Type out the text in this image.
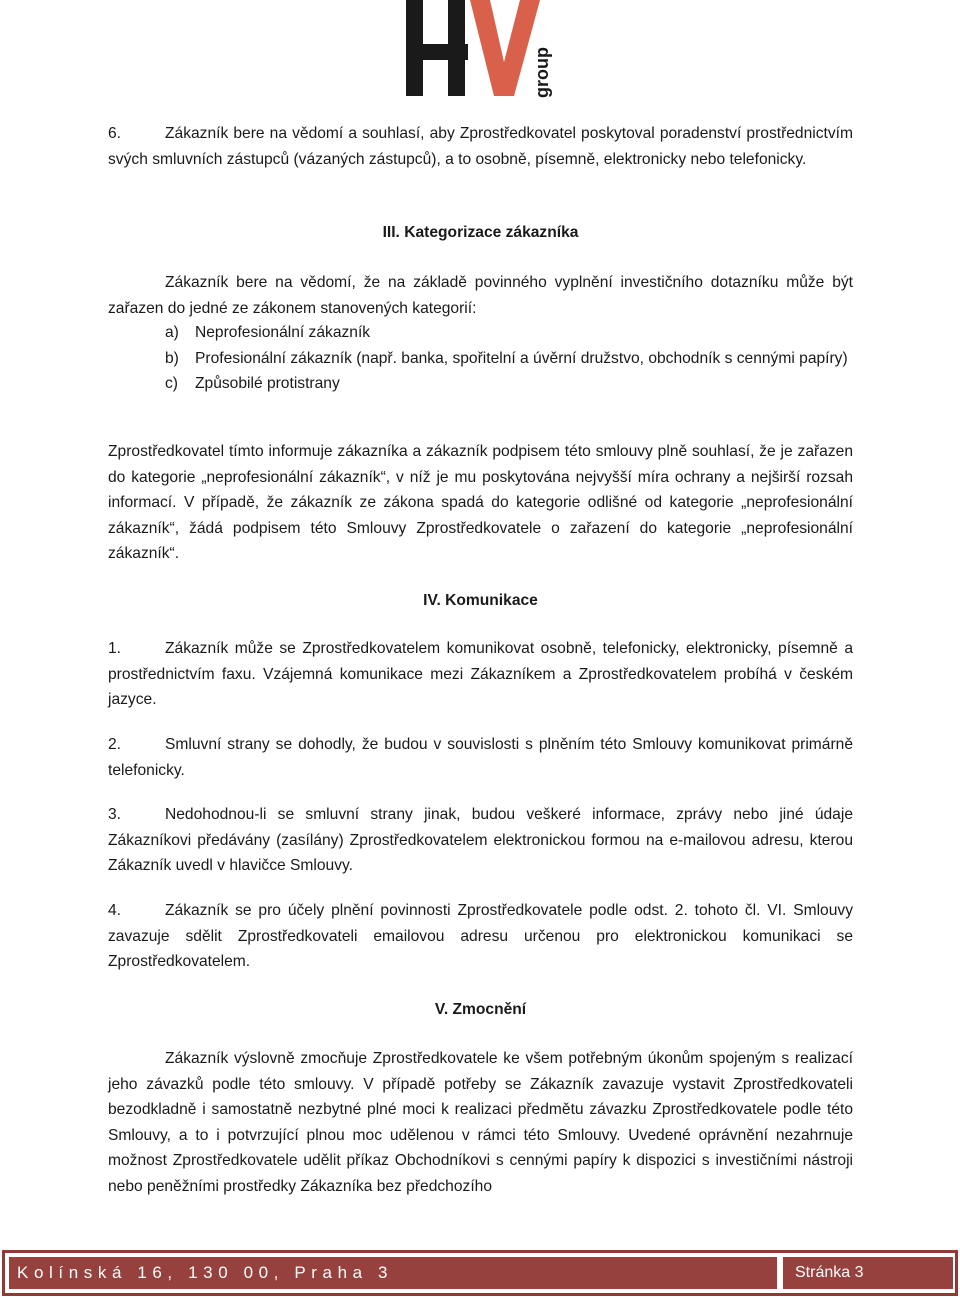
group
6.	Zákazník bere na vědomí a souhlasí, aby Zprostředkovatel poskytoval poradenství prostřednictvím svých smluvních zástupců (vázaných zástupců), a to osobně, písemně, elektronicky nebo telefonicky.
III. Kategorizace zákazníka
Zákazník bere na vědomí, že na základě povinného vyplnění investičního dotazníku může být zařazen do jedné ze zákonem stanovených kategorií:
a)	Neprofesionální zákazník
b)	Profesionální zákazník (např. banka, spořitelní a úvěrní družstvo, obchodník s cennými papíry)
c)	Způsobilé protistrany
Zprostředkovatel tímto informuje zákazníka a zákazník podpisem této smlouvy plně souhlasí, že je zařazen do kategorie „neprofesionální zákazník“, v níž je mu poskytována nejvyšší míra ochrany a nejširší rozsah informací. V případě, že zákazník ze zákona spadá do kategorie odlišné od kategorie „neprofesionální zákazník“, žádá podpisem této Smlouvy Zprostředkovatele o zařazení do kategorie „neprofesionální zákazník“.
IV. Komunikace
1.	Zákazník může se Zprostředkovatelem komunikovat osobně, telefonicky, elektronicky, písemně a prostřednictvím faxu. Vzájemná komunikace mezi Zákazníkem a Zprostředkovatelem probíhá v českém jazyce.
2.	Smluvní strany se dohodly, že budou v souvislosti s plněním této Smlouvy komunikovat primárně telefonicky.
3.	Nedohodnou-li se smluvní strany jinak, budou veškeré informace, zprávy nebo jiné údaje Zákazníkovi předávány (zasílány) Zprostředkovatelem elektronickou formou na e-mailovou adresu, kterou Zákazník uvedl v hlavičce Smlouvy.
4.	Zákazník se pro účely plnění povinnosti Zprostředkovatele podle odst. 2. tohoto čl. VI. Smlouvy zavazuje sdělit Zprostředkovateli emailovou adresu určenou pro elektronickou komunikaci se Zprostředkovatelem.
V. Zmocnění
Zákazník výslovně zmocňuje Zprostředkovatele ke všem potřebným úkonům spojeným s realizací jeho závazků podle této smlouvy. V případě potřeby se Zákazník zavazuje vystavit Zprostředkovateli bezodkladně i samostatně nezbytné plné moci k realizaci předmětu závazku Zprostředkovatele podle této Smlouvy, a to i potvrzující plnou moc udělenou v rámci této Smlouvy. Uvedené oprávnění nezahrnuje možnost Zprostředkovatele udělit příkaz Obchodníkovi s cennými papíry k dispozici s investičními nástroji nebo peněžními prostředky Zákazníka bez předchozího
Kolínská 16, 130 00, Praha 3	Stránka 3
